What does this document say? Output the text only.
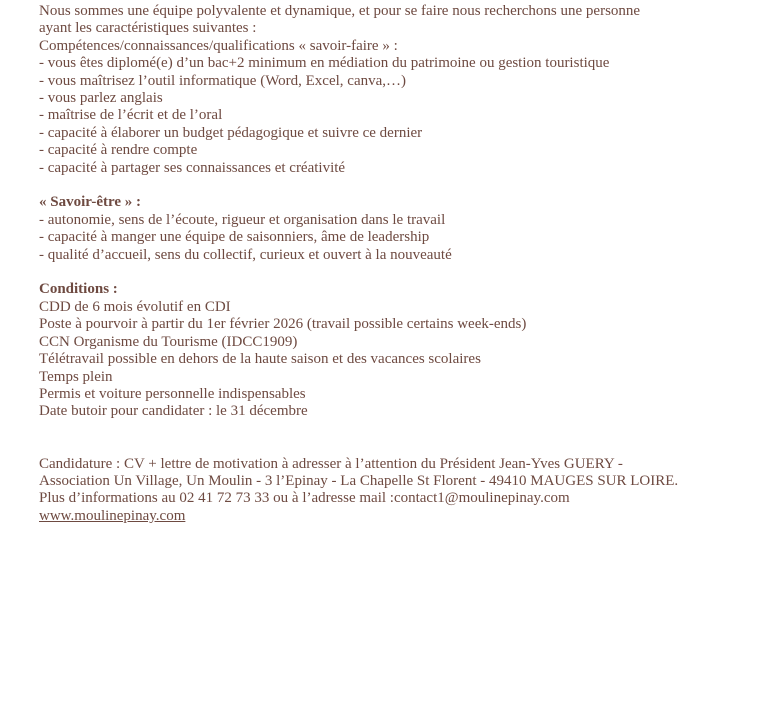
Nous sommes une équipe polyvalente et dynamique, et pour se faire nous recherchons une personne

ayant les caractéristiques suivantes :

Compétences/connaissances/qualifications « savoir-faire » :

- vous êtes diplomé(e) d’un bac+2 minimum en médiation du patrimoine ou gestion touristique

- vous maîtrisez l’outil informatique (Word, Excel, canva,…)

- vous parlez anglais

- maîtrise de l’écrit et de l’oral

- capacité à élaborer un budget pédagogique et suivre ce dernier

- capacité à rendre compte

- capacité à partager ses connaissances et créativité

« Savoir-être » :

- autonomie, sens de l’écoute, rigueur et organisation dans le travail

- capacité à manger une équipe de saisonniers, âme de leadership

- qualité d’accueil, sens du collectif, curieux et ouvert à la nouveauté

Conditions :

CDD de 6 mois évolutif en CDI

Poste à pourvoir à partir du 1er février 2026 (travail possible certains week-ends)

CCN Organisme du Tourisme (IDCC1909)

Télétravail possible en dehors de la haute saison et des vacances scolaires

Temps plein

Permis et voiture personnelle indispensables

Date butoir pour candidater : le 31 décembre

Candidature : CV + lettre de motivation à adresser à l’attention du Président Jean-Yves GUERY -

Association Un Village, Un Moulin - 3 l’Epinay - La Chapelle St Florent - 49410 MAUGES SUR LOIRE.

Plus d’informations au 02 41 72 73 33 ou à l’adresse mail :contact1@moulinepinay.com

www.moulinepinay.com
